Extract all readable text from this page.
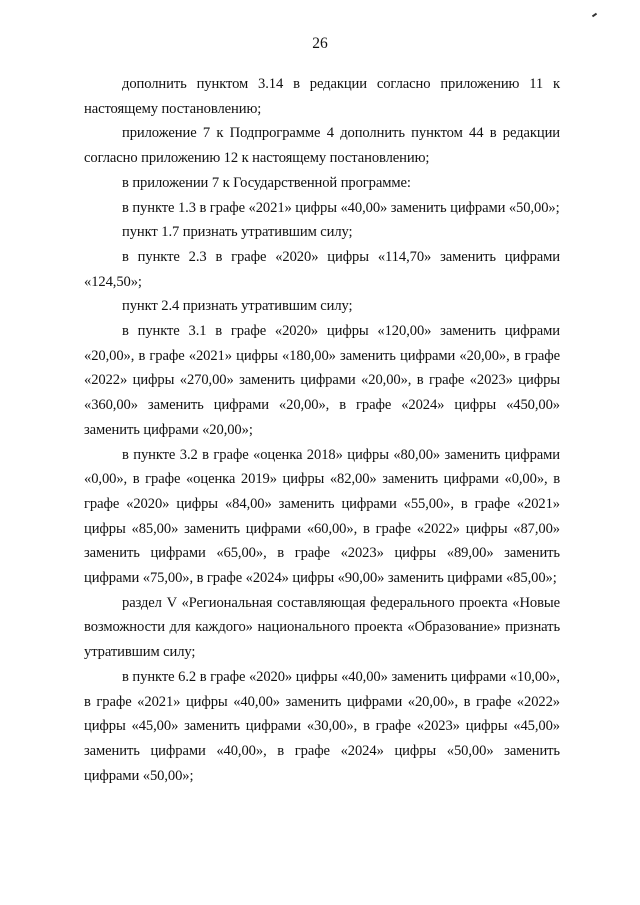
26

дополнить пунктом 3.14 в редакции согласно приложению 11 к настоящему постановлению;

приложение 7 к Подпрограмме 4 дополнить пунктом 44 в редакции согласно приложению 12 к настоящему постановлению;

в приложении 7 к Государственной программе:

в пункте 1.3 в графе «2021» цифры «40,00» заменить цифрами «50,00»;

пункт 1.7 признать утратившим силу;

в пункте 2.3 в графе «2020» цифры «114,70» заменить цифрами «124,50»;

пункт 2.4 признать утратившим силу;

в пункте 3.1 в графе «2020» цифры «120,00» заменить цифрами «20,00», в графе «2021» цифры «180,00» заменить цифрами «20,00», в графе «2022» цифры «270,00» заменить цифрами «20,00», в графе «2023» цифры «360,00» заменить цифрами «20,00», в графе «2024» цифры «450,00» заменить цифрами «20,00»;

в пункте 3.2 в графе «оценка 2018» цифры «80,00» заменить цифрами «0,00», в графе «оценка 2019» цифры «82,00» заменить цифрами «0,00», в графе «2020» цифры «84,00» заменить цифрами «55,00», в графе «2021» цифры «85,00» заменить цифрами «60,00», в графе «2022» цифры «87,00» заменить цифрами «65,00», в графе «2023» цифры «89,00» заменить цифрами «75,00», в графе «2024» цифры «90,00» заменить цифрами «85,00»;

раздел V «Региональная составляющая федерального проекта «Новые возможности для каждого» национального проекта «Образование» признать утратившим силу;

в пункте 6.2 в графе «2020» цифры «40,00» заменить цифрами «10,00», в графе «2021» цифры «40,00» заменить цифрами «20,00», в графе «2022» цифры «45,00» заменить цифрами «30,00», в графе «2023» цифры «45,00» заменить цифрами «40,00», в графе «2024» цифры «50,00» заменить цифрами «50,00»;
